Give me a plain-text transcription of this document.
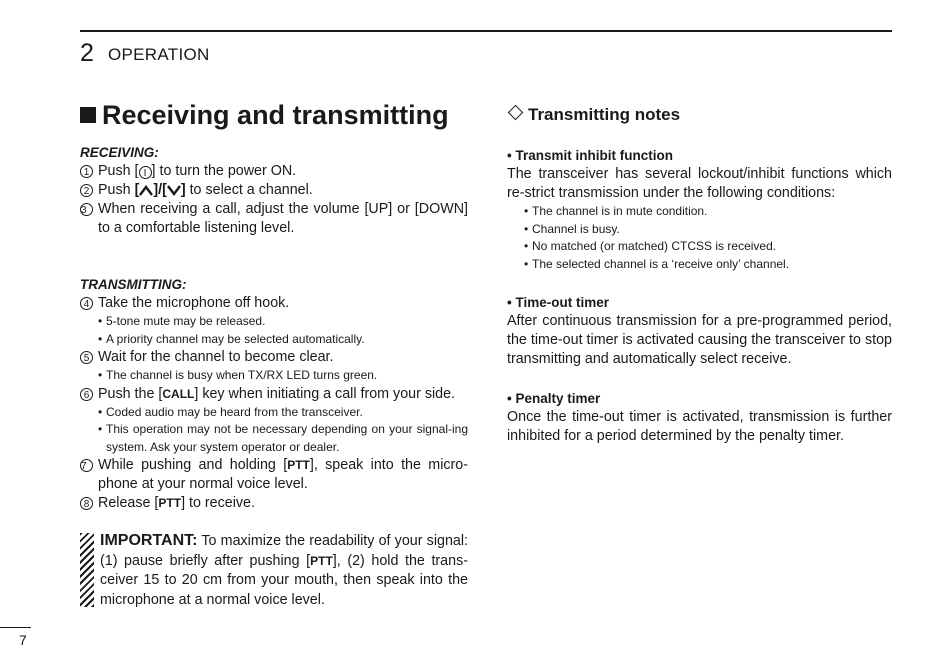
2 OPERATION
Receiving and transmitting
RECEIVING:
1 Push [ I ] to turn the power ON.
2 Push [ ]/[ ] to select a channel.
3 When receiving a call, adjust the volume [UP] or [DOWN] to a comfortable listening level.
TRANSMITTING:
4 Take the microphone off hook.
• 5-tone mute may be released.
• A priority channel may be selected automatically.
5 Wait for the channel to become clear.
• The channel is busy when TX/RX LED turns green.
6 Push the [CALL] key when initiating a call from your side.
• Coded audio may be heard from the transceiver.
• This operation may not be necessary depending on your signal-ing system. Ask your system operator or dealer.
7 While pushing and holding [PTT], speak into the micro-phone at your normal voice level.
8 Release [PTT] to receive.
IMPORTANT: To maximize the readability of your signal: (1) pause briefly after pushing [PTT], (2) hold the trans-ceiver 15 to 20 cm from your mouth, then speak into the microphone at a normal voice level.
Transmitting notes
• Transmit inhibit function
The transceiver has several lockout/inhibit functions which re-strict transmission under the following conditions:
• The channel is in mute condition.
• Channel is busy.
• No matched (or matched) CTCSS is received.
• The selected channel is a ‘receive only’ channel.
• Time-out timer
After continuous transmission for a pre-programmed period, the time-out timer is activated causing the transceiver to stop transmitting and automatically select receive.
• Penalty timer
Once the time-out timer is activated, transmission is further inhibited for a period determined by the penalty timer.
7
